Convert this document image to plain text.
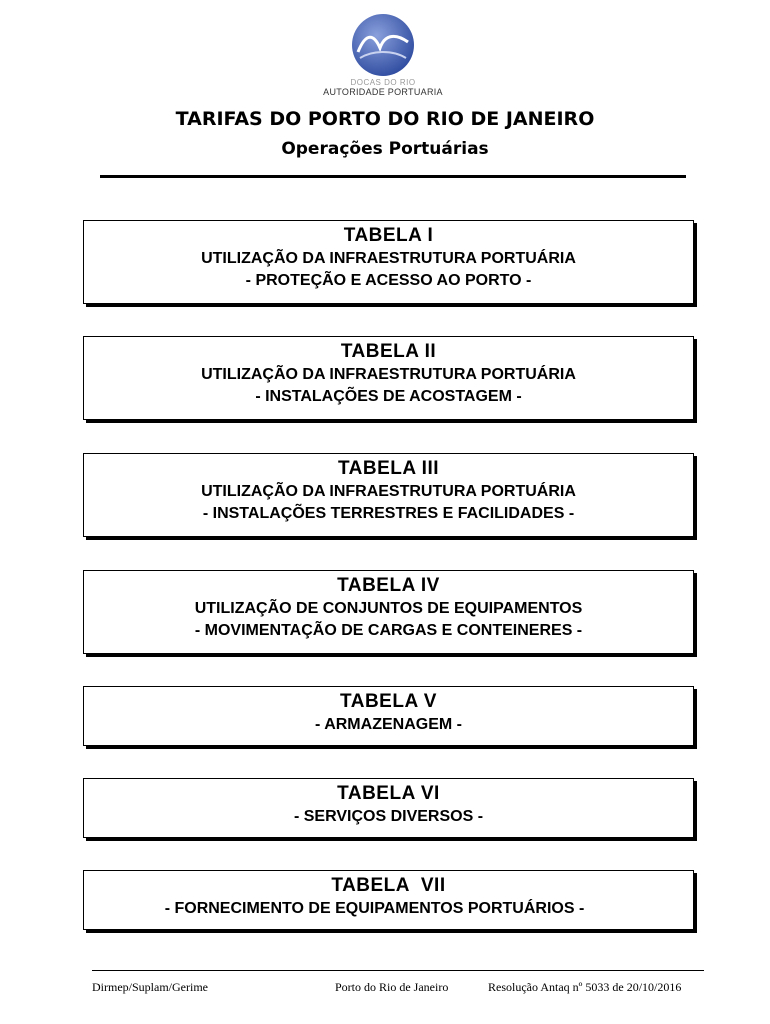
DOCAS DO RIO
AUTORIDADE PORTUARIA
TARIFAS DO PORTO DO RIO DE JANEIRO
Operações Portuárias
TABELA I
UTILIZAÇÃO DA INFRAESTRUTURA PORTUÁRIA
- PROTEÇÃO E ACESSO AO PORTO -
TABELA II
UTILIZAÇÃO DA INFRAESTRUTURA PORTUÁRIA
- INSTALAÇÕES DE ACOSTAGEM -
TABELA III
UTILIZAÇÃO DA INFRAESTRUTURA PORTUÁRIA
- INSTALAÇÕES TERRESTRES E FACILIDADES -
TABELA IV
UTILIZAÇÃO DE CONJUNTOS DE EQUIPAMENTOS
- MOVIMENTAÇÃO DE CARGAS E CONTEINERES -
TABELA V
- ARMAZENAGEM -
TABELA VI
- SERVIÇOS DIVERSOS -
TABELA  VII
- FORNECIMENTO DE EQUIPAMENTOS PORTUÁRIOS -
Dirmep/Suplam/Gerime	Porto do Rio de Janeiro	Resolução Antaq nº 5033 de 20/10/2016
